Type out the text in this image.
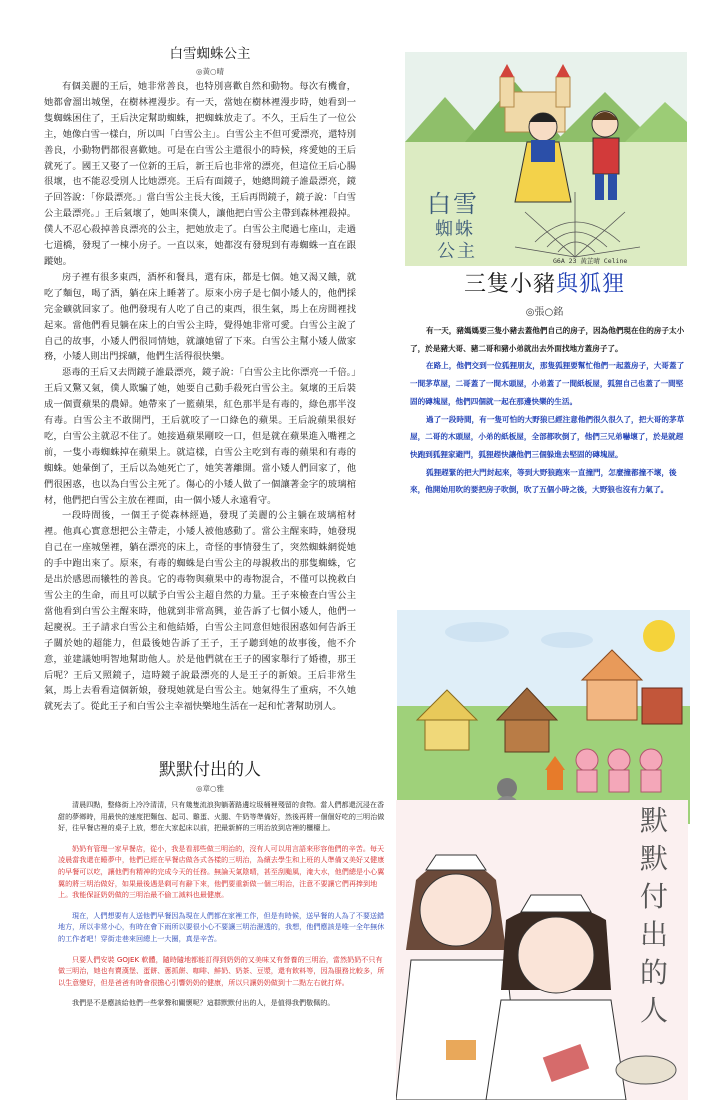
白雪蜘蛛公主
◎黃○晴

有個美麗的王后，她非常善良，也特別喜歡自然和動物。每次有機會，她都會溜出城堡，在樹林裡漫步。有一天，當她在樹林裡漫步時，她看到一隻蜘蛛困住了，王后決定幫助蜘蛛，把蜘蛛放走了。不久，王后生了一位公主，她像白雪一樣白，所以叫「白雪公主」。白雪公主不但可愛漂亮，還特別善良，小動物們都很喜歡她。可是在白雪公主還很小的時候，疼愛她的王后就死了。國王又娶了一位新的王后，新王后也非常的漂亮，但這位王后心腸很壞，也不能忍受別人比她漂亮。王后有面鏡子，她總問鏡子誰最漂亮，鏡子回答說：「你最漂亮。」當白雪公主長大後，王后再問鏡子，鏡子說：「白雪公主最漂亮。」王后氣壞了，她叫來僕人，讓他把白雪公主帶到森林裡殺掉。僕人不忍心殺掉善良漂亮的公主，把她放走了。白雪公主爬過七座山，走過七道橋，發現了一棟小房子。一直以來，她都沒有發現到有毒蜘蛛一直在跟蹤她。

房子裡有很多東西，酒杯和餐具，還有床，都是七個。她又渴又餓，就吃了麵包，喝了酒，躺在床上睡著了。原來小房子是七個小矮人的，他們採完金礦就回家了。他們發現有人吃了自己的東西，很生氣，馬上在房間裡找起來。當他們看見躺在床上的白雪公主時，覺得她非常可愛。白雪公主說了自己的故事，小矮人們很同情她，就讓她留了下來。白雪公主幫小矮人做家務，小矮人則出門採礦，他們生活得很快樂。

惡毒的王后又去問鏡子誰最漂亮，鏡子說：「白雪公主比你漂亮一千倍。」王后又驚又氣，僕人欺騙了她，她要自己動手殺死白雪公主。氣壞的王后裝成一個賣蘋果的農婦。她帶來了一籃蘋果，紅色那半是有毒的，綠色那半沒有毒。白雪公主不敢開門，王后就咬了一口綠色的蘋果。王后說蘋果很好吃，白雪公主就忍不住了。她接過蘋果剛咬一口，但是就在蘋果進入嘴裡之前，一隻小毒蜘蛛掉在蘋果上。就這樣，白雪公主吃到有毒的蘋果和有毒的蜘蛛。她暈倒了，王后以為她死亡了，她笑著離開。當小矮人們回家了，他們很困惑，也以為白雪公主死了。傷心的小矮人做了一個讓著金字的玻璃棺材，他們把白雪公主放在裡面，由一個小矮人永遠看守。

一段時間後，一個王子從森林經過，發現了美麗的公主躺在玻璃棺材裡。他真心實意想把公主帶走，小矮人被他感動了。當公主醒來時，她發現自己在一座城堡裡，躺在漂亮的床上，奇怪的事情發生了，突然蜘蛛網從她的手中跑出來了。原來，有毒的蜘蛛是白雪公主的母親救出的那隻蜘蛛，它是出於感恩而犧牲的善良。它的毒物與蘋果中的毒物混合，不僅可以挽救白雪公主的生命，而且可以賦予白雪公主超自然的力量。王子來檢查白雪公主當他看到白雪公主醒來時，他就到非常高興，並告訴了七個小矮人，他們一起慶祝。王子請求白雪公主和他結婚，白雪公主同意但她很困惑如何告訴王子關於她的超能力，但最後她告訴了王子，王子聽到她的故事後，他不介意，並建議她明智地幫助他人。於是他們就在王子的國家舉行了婚禮，那王后呢？王后又照鏡子，這時鏡子說最漂亮的人是王子的新娘。王后非常生氣，馬上去看看這個新娘，發現她就是白雪公主。她氣得生了重病，不久她就死去了。從此王子和白雪公主幸福快樂地生活在一起和忙著幫助別人。

白 雪
蜘 蛛
公 主	G6A 23 黃芷晴 Celine
三隻小豬與狐狸
◎張○銘

有一天，豬媽媽要三隻小豬去蓋他們自己的房子，因為他們現在住的房子太小了，於是豬大哥、豬二哥和豬小弟就出去外面找地方蓋房子了。

在路上，他們交到一位狐狸朋友，那隻狐狸要幫忙他們一起蓋房子，大哥蓋了一間茅草屋，二哥蓋了一間木頭屋，小弟蓋了一間紙板屋，狐狸自己也蓋了一間堅固的磚塊屋，他們四個就一起在那邊快樂的生活。

過了一段時間，有一隻可怕的大野狼已經注意他們很久很久了，把大哥的茅草屋，二哥的木頭屋，小弟的紙板屋，全部都吹倒了，他們三兄弟嚇壞了，於是就趕快跑到狐狸家避門，狐狸趕快讓他們三個躲進去堅固的磚塊屋。

狐狸趕緊的把大門封起來，等到大野狼跑來一直撞門，怎麼撞都撞不壞，後來，他開始用吹的要把房子吹倒，吹了五個小時之後，大野狼也沒有力氣了。

默默付出的人
◎章○雅

清晨四點，整條街上冷冷清清，只有幾隻流浪狗躺著路邊垃圾桶裡殘留的食物。當人們都還沉浸在香甜的夢鄉時，用最快的速度把麵包、起司、雞蛋、火腿、牛奶等準備好，然後再將一個個好吃的三明治做好，往早餐店裡的桌子上放，想在大家起床以前，把最新鮮的三明治放到店裡的櫃檯上。

奶奶有管理一家早餐店，從小，我是看那些做三明治的，沒有人可以用言語來形容他們的辛苦。每天凌晨當我還在睡夢中，他們已經在早餐店做各式各樣的三明治，為繽去學生和上班的人準備又美好又健康的早餐可以吃，讓他們有精神的完成今天的任務。無論天氣陰晴，甚至刮颱風，淹大水，他們總是小心翼翼的將三明治做好，如果最後遇是剩可有辭下來，他們要重新做一個三明治，注意不要讓它們再捧到地上。我能保証奶奶做的三明治最不偷工減料也最健康。

現在，人們想要有人送他們早餐因為現在人們都在家裡工作，但是有時候，送早餐的人為了不要送錯地方，所以非常小心，有時在會下雨所以要很小心不要讓三明治濕透的，我想，他們應該是唯一全年無休的工作者吧！穿街走巷來回總上一大圈，真是辛苦。

只要人們安裝 GOJEK 軟體，隨時隨地都能訂得到奶奶的又美味又有營養的三明治，當然奶奶不只有做三明治，她也有賣漢堡、蛋餅、蔥抓餅、咖啡、鮮奶、奶茶、豆漿，還有飲料等，因為服務比較多，所以生意變好，但是爸爸有時會很擔心引響奶奶的健康，所以只讓奶奶做到十二點左右就打烊。

我們是不是應該給他們一些掌聲和關懷呢？這群默默付出的人，是值得我們敬佩的。

默
默
付
出
的
人
